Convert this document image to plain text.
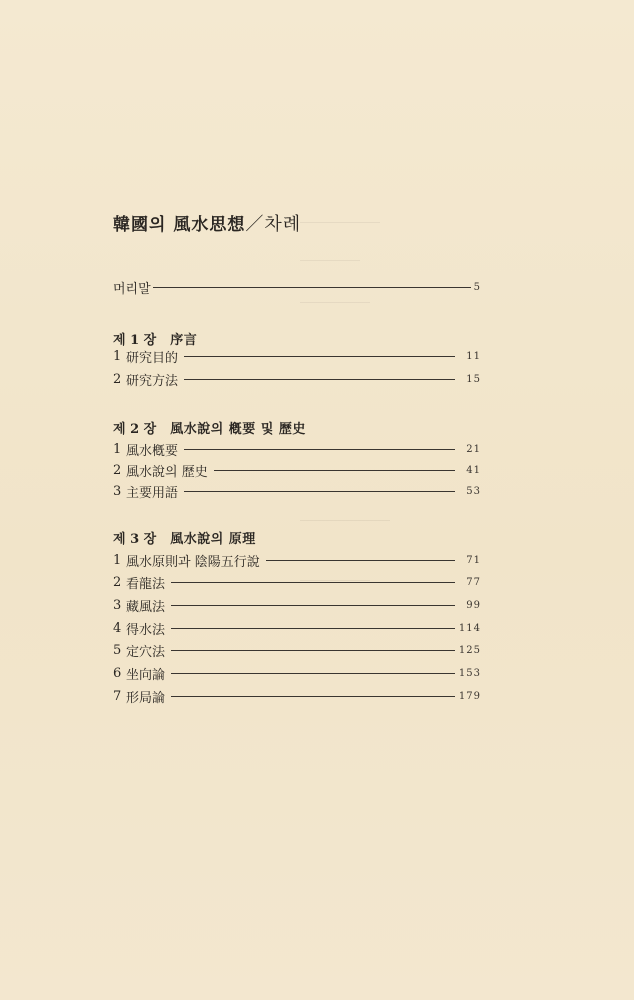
韓國의 風水思想／차례
머리말	5
제 1 장 序言
1 研究目的	11
2 研究方法	15
제 2 장 風水說의 槪要 및 歷史
1 風水槪要	21
2 風水說의 歷史	41
3 主要用語	53
제 3 장 風水說의 原理
1 風水原則과 陰陽五行說	71
2 看龍法	77
3 藏風法	99
4 得水法	114
5 定穴法	125
6 坐向論	153
7 形局論	179
